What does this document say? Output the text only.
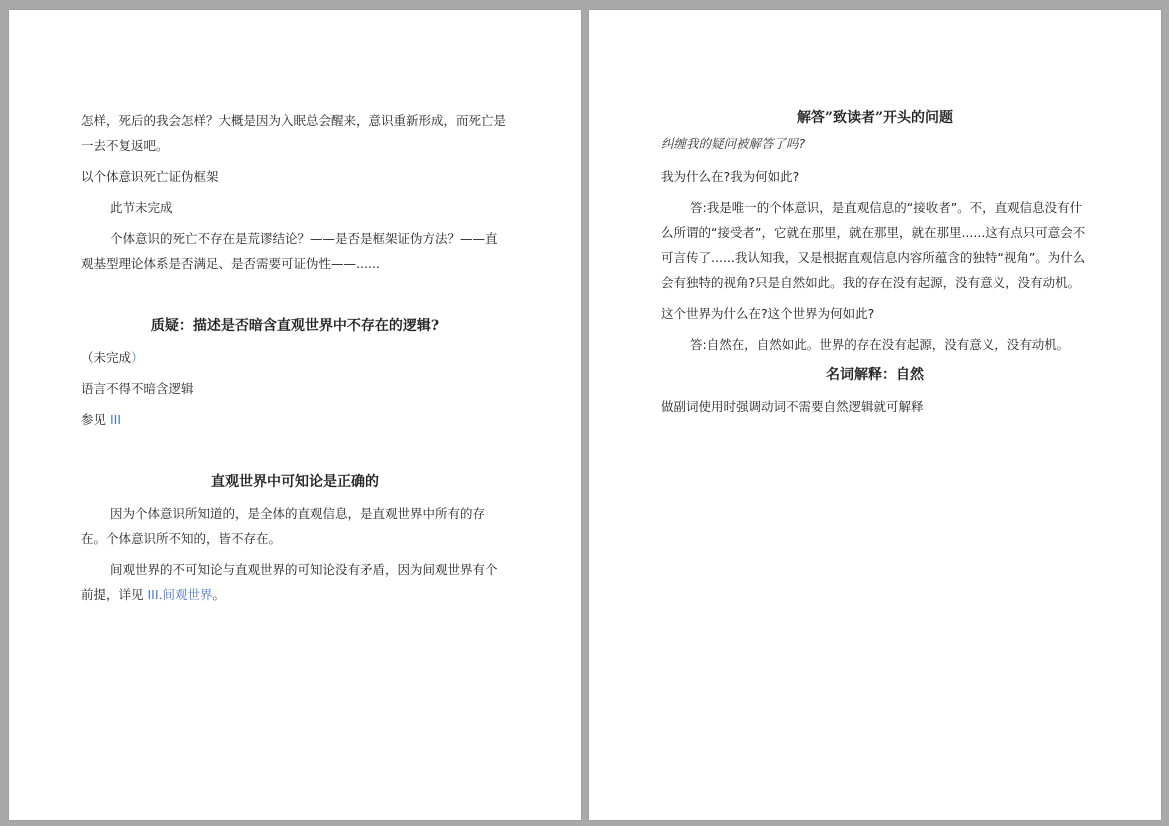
怎样，死后的我会怎样？大概是因为入眠总会醒来，意识重新形成，而死亡是一去不复返吧。

以个体意识死亡证伪框架

此节未完成

个体意识的死亡不存在是荒谬结论？——是否是框架证伪方法？——直观基型理论体系是否满足、是否需要可证伪性——......

质疑：描述是否暗含直观世界中不存在的逻辑?

（未完成）

语言不得不暗含逻辑

参见 III

直观世界中可知论是正确的

因为个体意识所知道的，是全体的直观信息，是直观世界中所有的存在。个体意识所不知的，皆不存在。

间观世界的不可知论与直观世界的可知论没有矛盾，因为间观世界有个前提，详见 III.间观世界。

解答”致读者”开头的问题

纠缠我的疑问被解答了吗?

我为什么在?我为何如此?

答:我是唯一的个体意识，是直观信息的“接收者”。不，直观信息没有什么所谓的“接受者”，它就在那里，就在那里，就在那里......这有点只可意会不可言传了......我认知我，又是根据直观信息内容所蕴含的独特“视角”。为什么会有独特的视角?只是自然如此。我的存在没有起源，没有意义，没有动机。

这个世界为什么在?这个世界为何如此?

答:自然在，自然如此。世界的存在没有起源，没有意义，没有动机。

名词解释：自然

做副词使用时强调动词不需要自然逻辑就可解释
